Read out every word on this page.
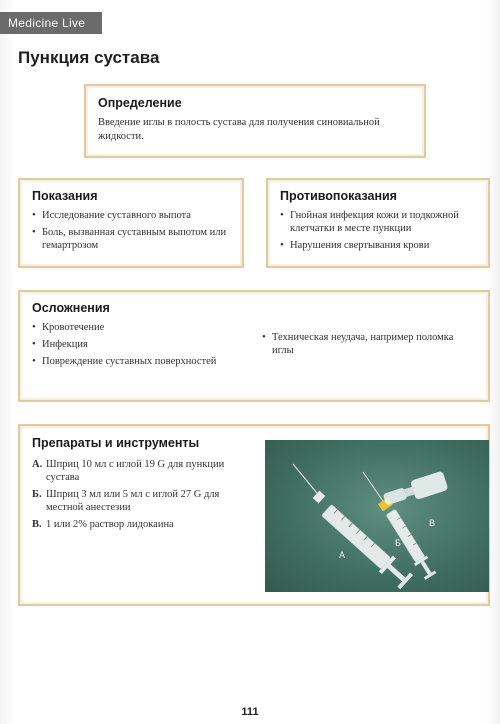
Medicine Live
Пункция сустава
Определение
Введение иглы в полость сустава для получения синовиальной жидкости.
Показания
• Исследование суставного выпота
• Боль, вызванная суставным выпотом или гемартрозом
Противопоказания
• Гнойная инфекция кожи и подкожной клетчатки в месте пункции
• Нарушения свертывания крови
Осложнения
• Кровотечение
• Инфекция
• Повреждение суставных поверхностей
• Техническая неудача, например поломка иглы
Препараты и инструменты
А. Шприц 10 мл с иглой 19 G для пункции сустава
Б. Шприц 3 мл или 5 мл с иглой 27 G для местной анестезии
В. 1 или 2% раствор лидокаина
А
Б
В
111
